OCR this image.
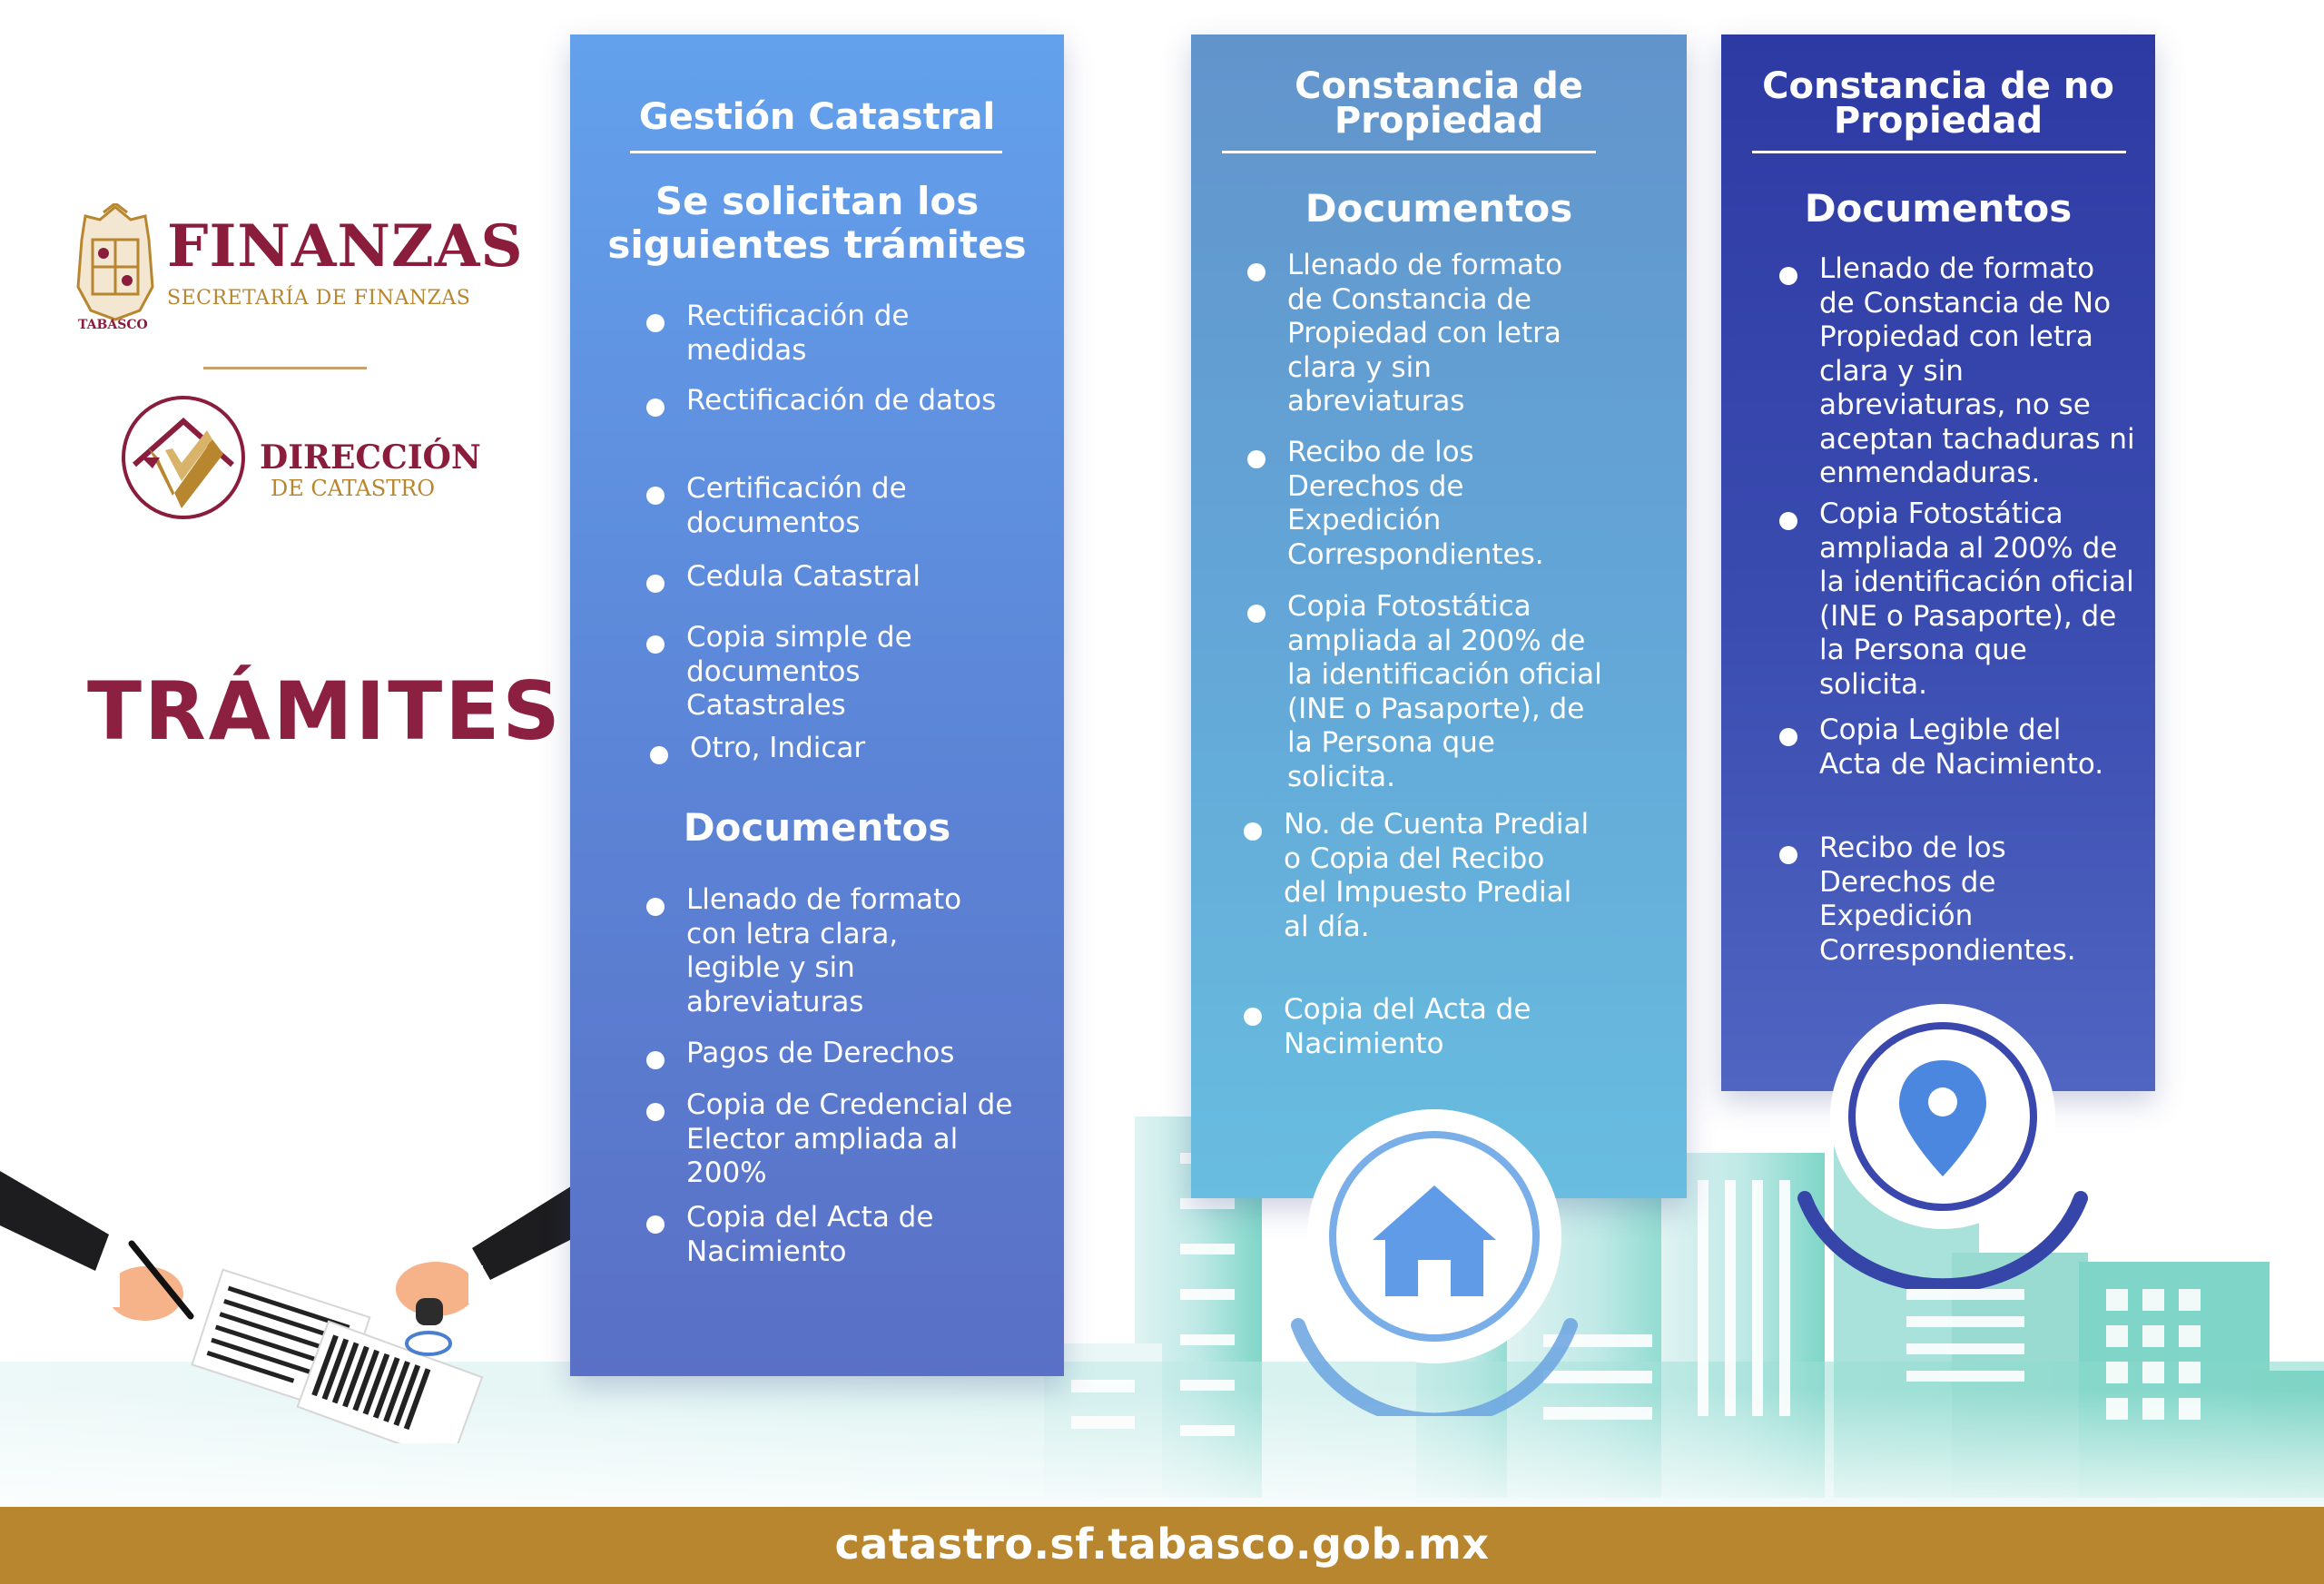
FINANZAS
SECRETARÍA DE FINANZAS
TABASCO
DIRECCIÓN
DE CATASTRO
TRÁMITES
Gestión Catastral
Se solicitan los
siguientes trámites
Rectificación de medidas
Rectificación de datos
Certificación de documentos
Cedula Catastral
Copia simple de documentos Catastrales
Otro, Indicar
Documentos
Llenado de formato con letra clara, legible y sin abreviaturas
Pagos de Derechos
Copia de Credencial de Elector ampliada al 200%
Copia del Acta de Nacimiento
Constancia de
Propiedad
Documentos
Llenado de formato de Constancia de Propiedad con letra clara y sin abreviaturas
Recibo de los Derechos de Expedición Correspondientes.
Copia Fotostática ampliada al 200% de la identificación oficial (INE o Pasaporte), de la Persona que solicita.
No. de Cuenta Predial o Copia del Recibo del Impuesto Predial al día.
Copia del Acta de Nacimiento
Constancia de no
Propiedad
Documentos
Llenado de formato de Constancia de No Propiedad con letra clara y sin abreviaturas, no se aceptan tachaduras ni enmendaduras.
Copia Fotostática ampliada al 200% de la identificación oficial (INE o Pasaporte), de la Persona que solicita.
Copia Legible del Acta de Nacimiento.
Recibo de los Derechos de Expedición Correspondientes.
catastro.sf.tabasco.gob.mx
